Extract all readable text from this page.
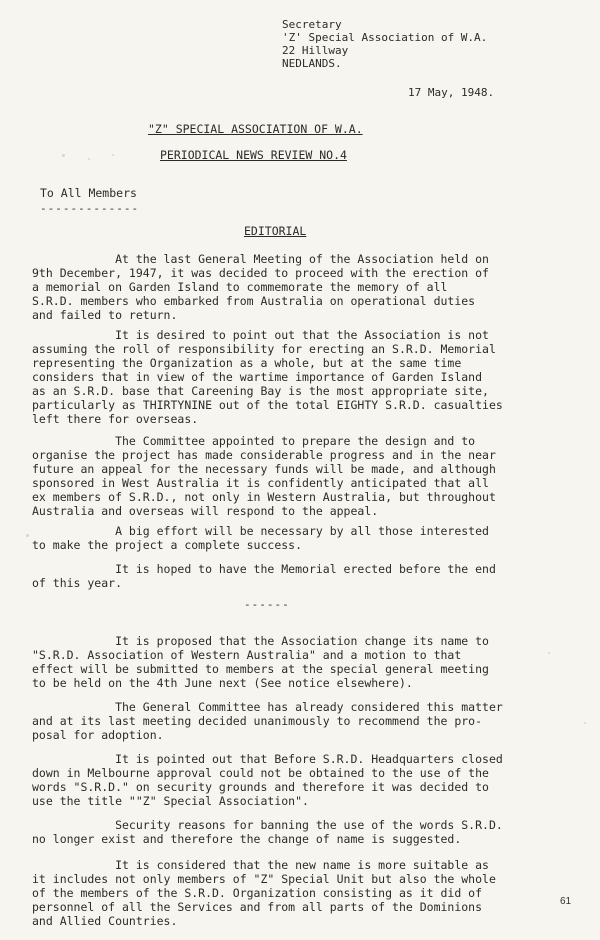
Secretary
'Z' Special Association of W.A.
22 Hillway
NEDLANDS.
17 May, 1948.
"Z" SPECIAL ASSOCIATION OF W.A.
PERIODICAL NEWS REVIEW NO.4
To All Members
-------------
EDITORIAL
At the last General Meeting of the Association held on
9th December, 1947, it was decided to proceed with the erection of
a memorial on Garden Island to commemorate the memory of all
S.R.D. members who embarked from Australia on operational duties
and failed to return.
It is desired to point out that the Association is not
assuming the roll of responsibility for erecting an S.R.D. Memorial
representing the Organization as a whole, but at the same time
considers that in view of the wartime importance of Garden Island
as an S.R.D. base that Careening Bay is the most appropriate site,
particularly as THIRTYNINE out of the total EIGHTY S.R.D. casualties
left there for overseas.
The Committee appointed to prepare the design and to
organise the project has made considerable progress and in the near
future an appeal for the necessary funds will be made, and although
sponsored in West Australia it is confidently anticipated that all
ex members of S.R.D., not only in Western Australia, but throughout
Australia and overseas will respond to the appeal.
A big effort will be necessary by all those interested
to make the project a complete success.
It is hoped to have the Memorial erected before the end
of this year.
------
It is proposed that the Association change its name to
"S.R.D. Association of Western Australia" and a motion to that
effect will be submitted to members at the special general meeting
to be held on the 4th June next (See notice elsewhere).
The General Committee has already considered this matter
and at its last meeting decided unanimously to recommend the pro-
posal for adoption.
It is pointed out that Before S.R.D. Headquarters closed
down in Melbourne approval could not be obtained to the use of the
words "S.R.D." on security grounds and therefore it was decided to
use the title ""Z" Special Association".
Security reasons for banning the use of the words S.R.D.
no longer exist and therefore the change of name is suggested.
It is considered that the new name is more suitable as
it includes not only members of "Z" Special Unit but also the whole
of the members of the S.R.D. Organization consisting as it did of
personnel of all the Services and from all parts of the Dominions
and Allied Countries.
61
